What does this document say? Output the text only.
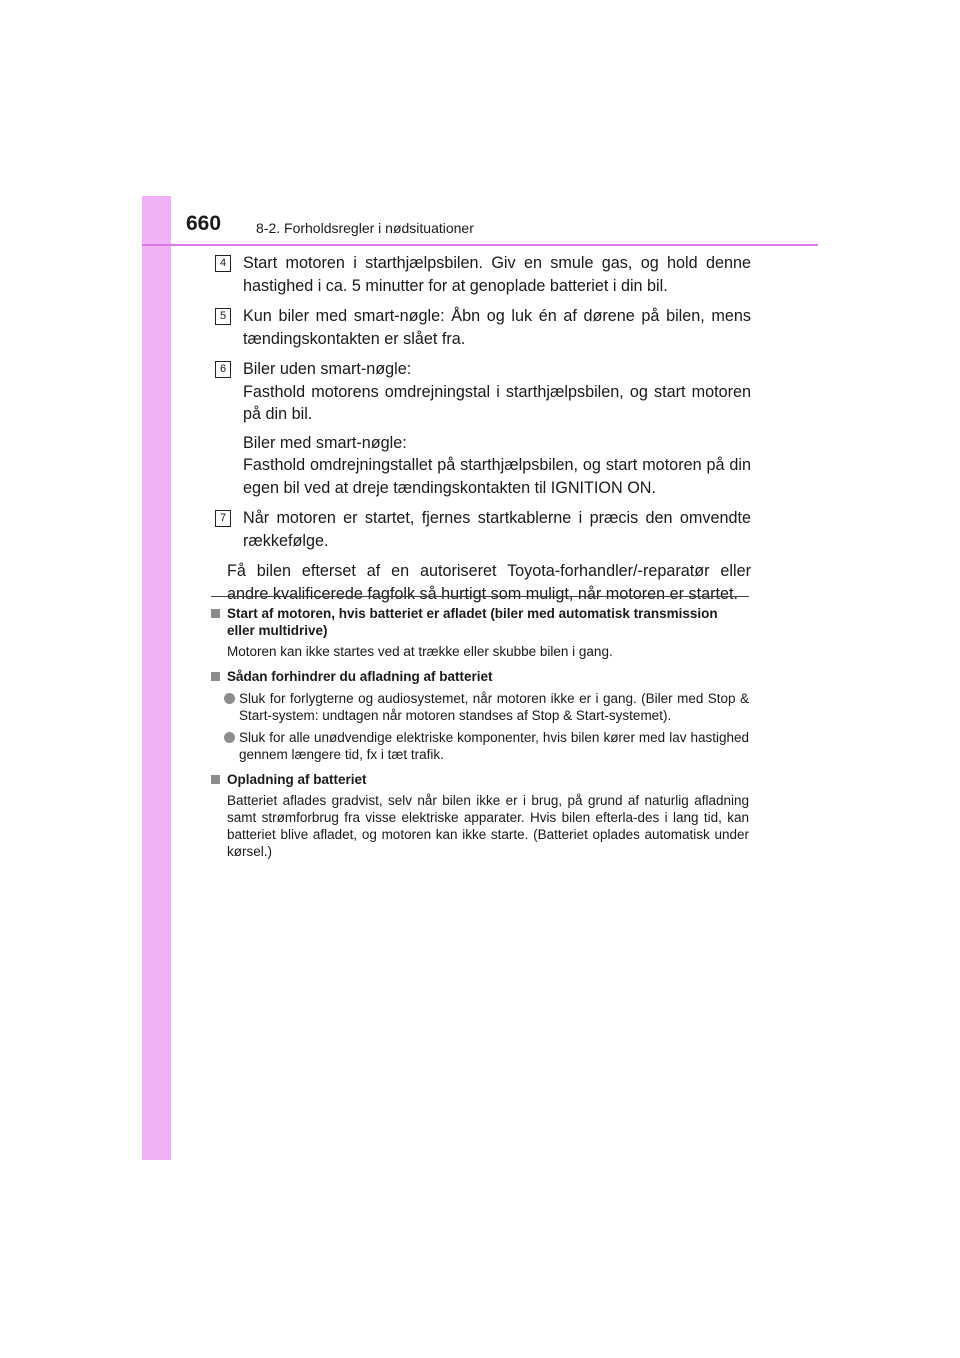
660 8-2. Forholdsregler i nødsituationer
4	Start motoren i starthjælpsbilen. Giv en smule gas, og hold denne hastighed i ca. 5 minutter for at genoplade batteriet i din bil.

5	Kun biler med smart-nøgle: Åbn og luk én af dørene på bilen, mens tændingskontakten er slået fra.

6	Biler uden smart-nøgle:

Fasthold motorens omdrejningstal i starthjælpsbilen, og start motoren på din bil.

Biler med smart-nøgle:

Fasthold omdrejningstallet på starthjælpsbilen, og start motoren på din egen bil ved at dreje tændingskontakten til IGNITION ON.

7	Når motoren er startet, fjernes startkablerne i præcis den omvendte rækkefølge.

Få bilen efterset af en autoriseret Toyota-forhandler/-reparatør eller andre kvalificerede fagfolk så hurtigt som muligt, når motoren er startet.

Start af motoren, hvis batteriet er afladet (biler med automatisk transmission eller multidrive)
Motoren kan ikke startes ved at trække eller skubbe bilen i gang.
Sådan forhindrer du afladning af batteriet
Sluk for forlygterne og audiosystemet, når motoren ikke er i gang. (Biler med Stop & Start-system: undtagen når motoren standses af Stop & Start-systemet).
Sluk for alle unødvendige elektriske komponenter, hvis bilen kører med lav hastighed gennem længere tid, fx i tæt trafik.
Opladning af batteriet
Batteriet aflades gradvist, selv når bilen ikke er i brug, på grund af naturlig afladning samt strømforbrug fra visse elektriske apparater. Hvis bilen efterla-des i lang tid, kan batteriet blive afladet, og motoren kan ikke starte. (Batteriet oplades automatisk under kørsel.)
